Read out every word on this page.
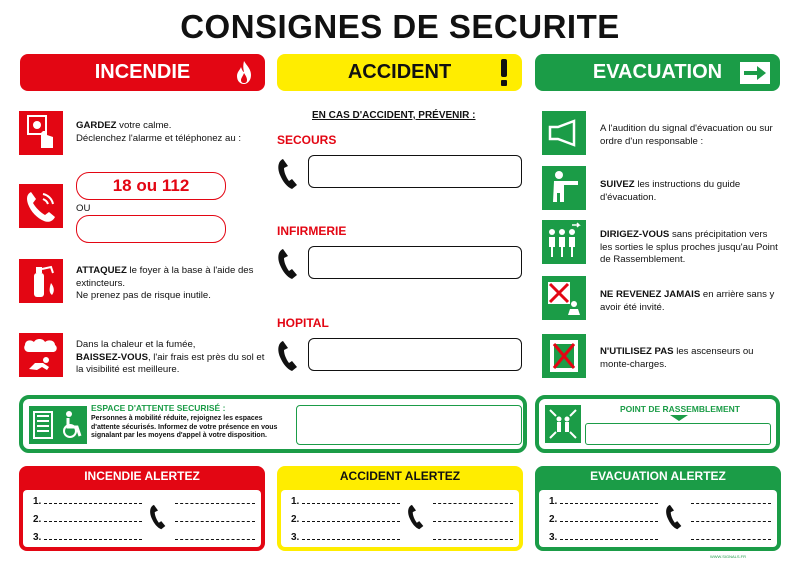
CONSIGNES DE SECURITE
INCENDIE	ACCIDENT	EVACUATION
GARDEZ votre calme.
Déclenchez l'alarme et téléphonez au :
18 ou 112
OU
ATTAQUEZ le foyer à la base à l'aide des extincteurs.
Ne prenez pas de risque inutile.
Dans la chaleur et la fumée,
BAISSEZ-VOUS, l'air frais est près du sol et la visibilité est meilleure.
EN CAS D'ACCIDENT, PRÉVENIR :
SECOURS
INFIRMERIE
HOPITAL
A l'audition du signal d'évacuation ou sur ordre d'un responsable :
SUIVEZ les instructions du guide d'évacuation.
DIRIGEZ-VOUS sans précipitation vers les sorties le splus proches jusqu'au Point de Rassemblement.
NE REVENEZ JAMAIS en arrière sans y avoir été invité.
N'UTILISEZ PAS les ascenseurs ou monte-charges.
ESPACE D'ATTENTE SECURISÉ :
Personnes à mobilité réduite, rejoignez les espaces d'attente sécurisés. Informez de votre présence en vous signalant par les moyens d'appel à votre disposition.
POINT DE RASSEMBLEMENT
INCENDIE ALERTEZ
1.
2.
3.
ACCIDENT ALERTEZ
1.
2.
3.
EVACUATION ALERTEZ
1.
2.
3.
WWW.SIGNALS.FR
